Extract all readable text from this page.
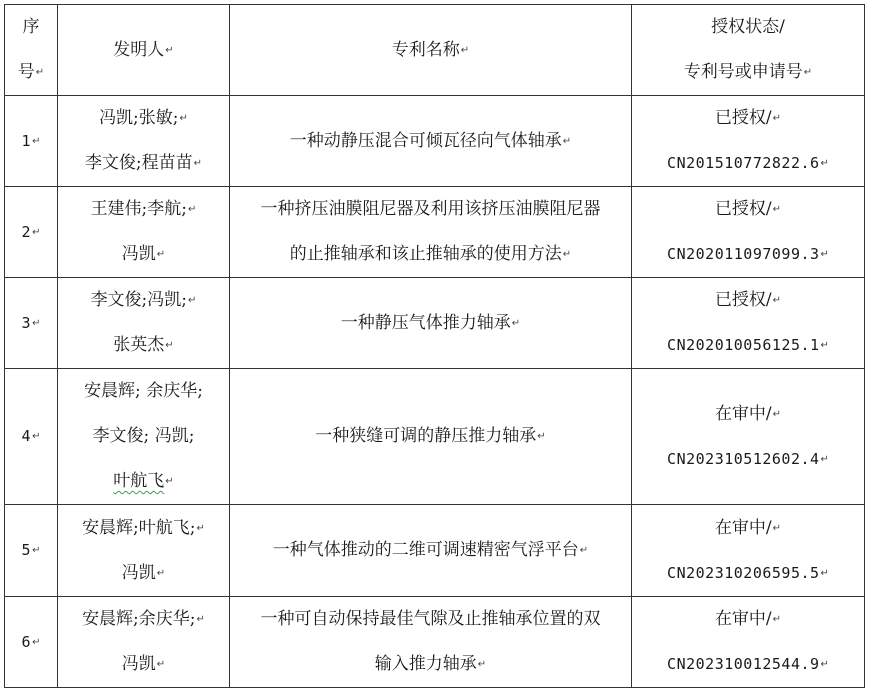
序
号↵	发明人↵	专利名称↵	授权状态/
专利号或申请号↵

1↵	冯凯;张敏;↵
李文俊;程苗苗↵	一种动静压混合可倾瓦径向气体轴承↵	已授权/↵
CN201510772822.6↵

2↵	王建伟;李航;↵
冯凯↵	一种挤压油膜阻尼器及利用该挤压油膜阻尼器
的止推轴承和该止推轴承的使用方法↵	已授权/↵
CN202011097099.3↵

3↵	李文俊;冯凯;↵
张英杰↵	一种静压气体推力轴承↵	已授权/↵
CN202010056125.1↵

4↵	安晨辉; 余庆华;
李文俊; 冯凯;
叶航飞↵	一种狭缝可调的静压推力轴承↵	在审中/↵
CN202310512602.4↵

5↵	安晨辉;叶航飞;↵
冯凯↵	一种气体推动的二维可调速精密气浮平台↵	在审中/↵
CN202310206595.5↵

6↵	安晨辉;余庆华;↵
冯凯↵	一种可自动保持最佳气隙及止推轴承位置的双
输入推力轴承↵	在审中/↵
CN202310012544.9↵
